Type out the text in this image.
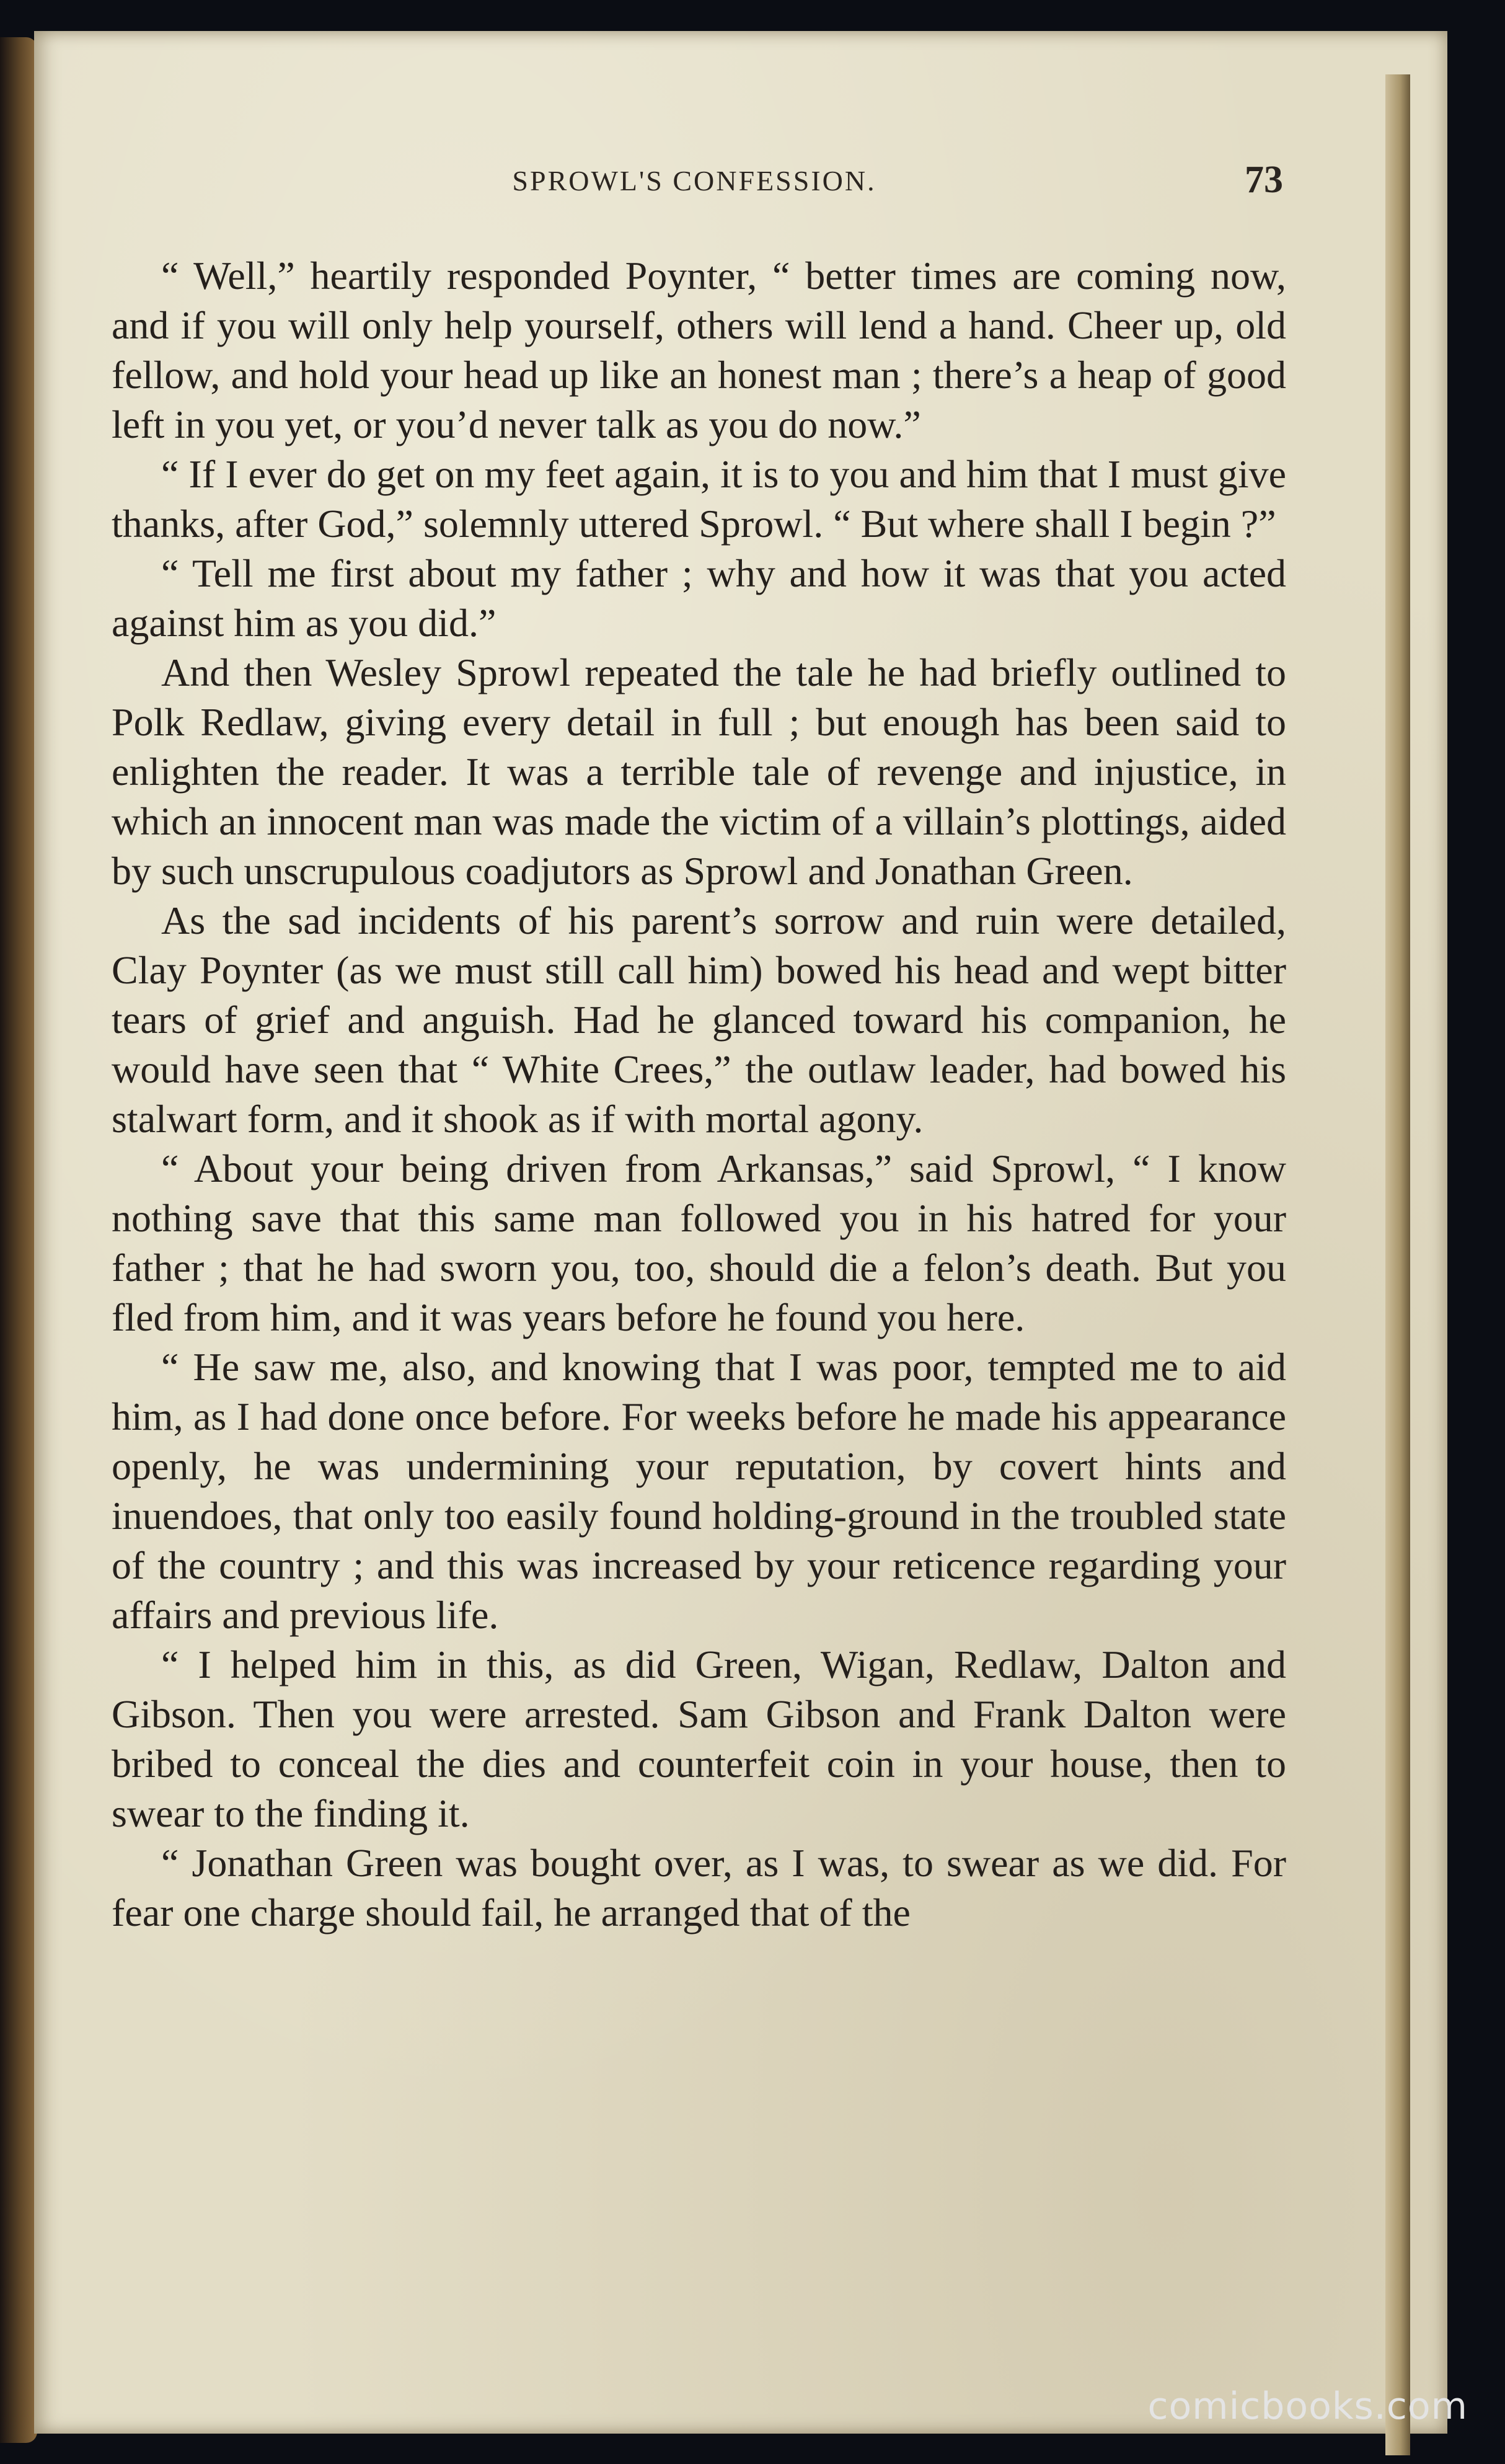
SPROWL'S CONFESSION.	73

“ Well,” heartily responded Poynter, “ better times are coming now, and if you will only help yourself, others will lend a hand. Cheer up, old fellow, and hold your head up like an honest man ; there’s a heap of good left in you yet, or you’d never talk as you do now.”

“ If I ever do get on my feet again, it is to you and him that I must give thanks, after God,” solemnly uttered Sprowl. “ But where shall I begin ?”

“ Tell me first about my father ; why and how it was that you acted against him as you did.”

And then Wesley Sprowl repeated the tale he had briefly outlined to Polk Redlaw, giving every detail in full ; but enough has been said to enlighten the reader. It was a terrible tale of revenge and injustice, in which an innocent man was made the victim of a villain’s plottings, aided by such unscrupulous coadjutors as Sprowl and Jonathan Green.

As the sad incidents of his parent’s sorrow and ruin were detailed, Clay Poynter (as we must still call him) bowed his head and wept bitter tears of grief and anguish. Had he glanced toward his companion, he would have seen that “ White Crees,” the outlaw leader, had bowed his stalwart form, and it shook as if with mortal agony.

“ About your being driven from Arkansas,” said Sprowl, “ I know nothing save that this same man followed you in his hatred for your father ; that he had sworn you, too, should die a felon’s death. But you fled from him, and it was years before he found you here.

“ He saw me, also, and knowing that I was poor, tempted me to aid him, as I had done once before. For weeks before he made his appearance openly, he was undermining your reputation, by covert hints and inuendoes, that only too easily found holding-ground in the troubled state of the country ; and this was increased by your reticence regarding your affairs and previous life.

“ I helped him in this, as did Green, Wigan, Redlaw, Dalton and Gibson. Then you were arrested. Sam Gibson and Frank Dalton were bribed to conceal the dies and counterfeit coin in your house, then to swear to the finding it.

“ Jonathan Green was bought over, as I was, to swear as we did. For fear one charge should fail, he arranged that of the

comicbooks.com
